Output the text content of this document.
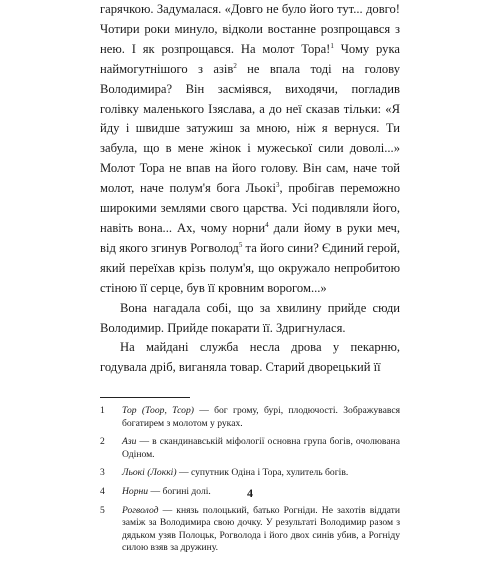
гарячкою. Задумалася. «Довго не було його тут... довго! Чотири роки минуло, відколи востанне розпрощався з нею. І як розпрощався. На молот Тора!$^1$ Чому рука наймогутнішого з азів$^2$ не впала тоді на голову Володимира? Він засміявся, виходячи, погладив голівку маленького Ізяслава, а до неї сказав тільки: «Я йду і швидше затужиш за мною, ніж я вернуся. Ти забула, що в мене жінок і мужеської сили доволі...» Молот Тора не впав на його голову. Він сам, наче той молот, наче полум'я бога Льокі$^3$, пробігав переможно широкими землями свого царства. Усі подивляли його, навіть вона... Ах, чому норни$^4$ дали йому в руки меч, від якого згинув Рогволод$^5$ та його сини? Єдиний герой, який переїхав крізь полум'я, що окружало непробитою стіною її серце, був її кровним ворогом...»

Вона нагадала собі, що за хвилину прийде сюди Володимир. Прийде покарати її. Здригнулася.

На майдані служба несла дрова у пекарню, годувала дріб, виганяла товар. Старий дворецький її

1 Тор (Тоор, Тсор) — бог грому, бурі, плодючості. Зображувався богатирем з молотом у руках.
2 Ази — в скандинавській міфології основна група богів, очолювана Одіном.
3 Льокі (Локкі) — супутник Одіна і Тора, хулитель богів.
4 Норни — богині долі.
5 Рогволод — князь полоцький, батько Рогніди. Не захотів віддати заміж за Володимира свою дочку. У результаті Володимир разом з дядьком узяв Полоцьк, Рогволода і його двох синів убив, а Рогніду силою взяв за дружину.
4
